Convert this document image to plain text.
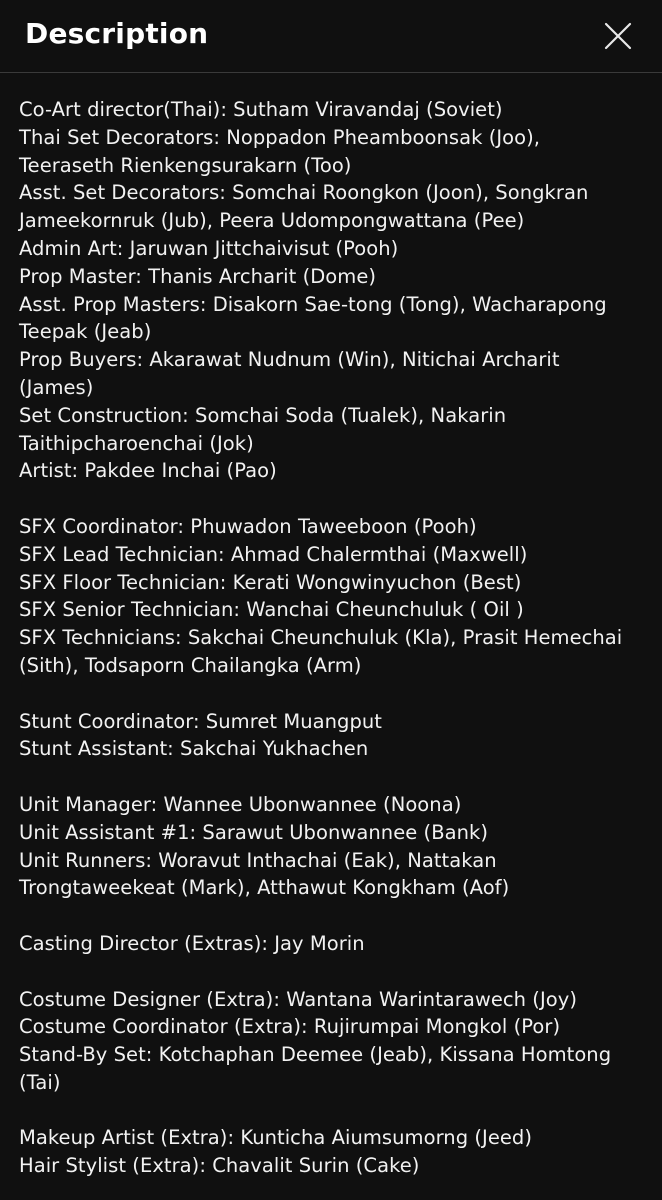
Description
Co-Art director(Thai): Sutham Viravandaj (Soviet)
Thai Set Decorators: Noppadon Pheamboonsak (Joo),
Teeraseth Rienkengsurakarn (Too)
Asst. Set Decorators: Somchai Roongkon (Joon), Songkran
Jameekornruk (Jub), Peera Udompongwattana (Pee)
Admin Art: Jaruwan Jittchaivisut (Pooh)
Prop Master: Thanis Archarit (Dome)
Asst. Prop Masters: Disakorn Sae-tong (Tong), Wacharapong
Teepak (Jeab)
Prop Buyers: Akarawat Nudnum (Win), Nitichai Archarit
(James)
Set Construction: Somchai Soda (Tualek), Nakarin
Taithipcharoenchai (Jok)
Artist: Pakdee Inchai (Pao)
SFX Coordinator: Phuwadon Taweeboon (Pooh)
SFX Lead Technician: Ahmad Chalermthai (Maxwell)
SFX Floor Technician: Kerati Wongwinyuchon (Best)
SFX Senior Technician: Wanchai Cheunchuluk ( Oil )
SFX Technicians: Sakchai Cheunchuluk (Kla), Prasit Hemechai
(Sith), Todsaporn Chailangka (Arm)
Stunt Coordinator: Sumret Muangput
Stunt Assistant: Sakchai Yukhachen
Unit Manager: Wannee Ubonwannee (Noona)
Unit Assistant #1: Sarawut Ubonwannee (Bank)
Unit Runners: Woravut Inthachai (Eak), Nattakan
Trongtaweekeat (Mark), Atthawut Kongkham (Aof)
Casting Director (Extras): Jay Morin
Costume Designer (Extra): Wantana Warintarawech (Joy)
Costume Coordinator (Extra): Rujirumpai Mongkol (Por)
Stand-By Set: Kotchaphan Deemee (Jeab), Kissana Homtong
(Tai)
Makeup Artist (Extra): Kunticha Aiumsumorng (Jeed)
Hair Stylist (Extra): Chavalit Surin (Cake)
